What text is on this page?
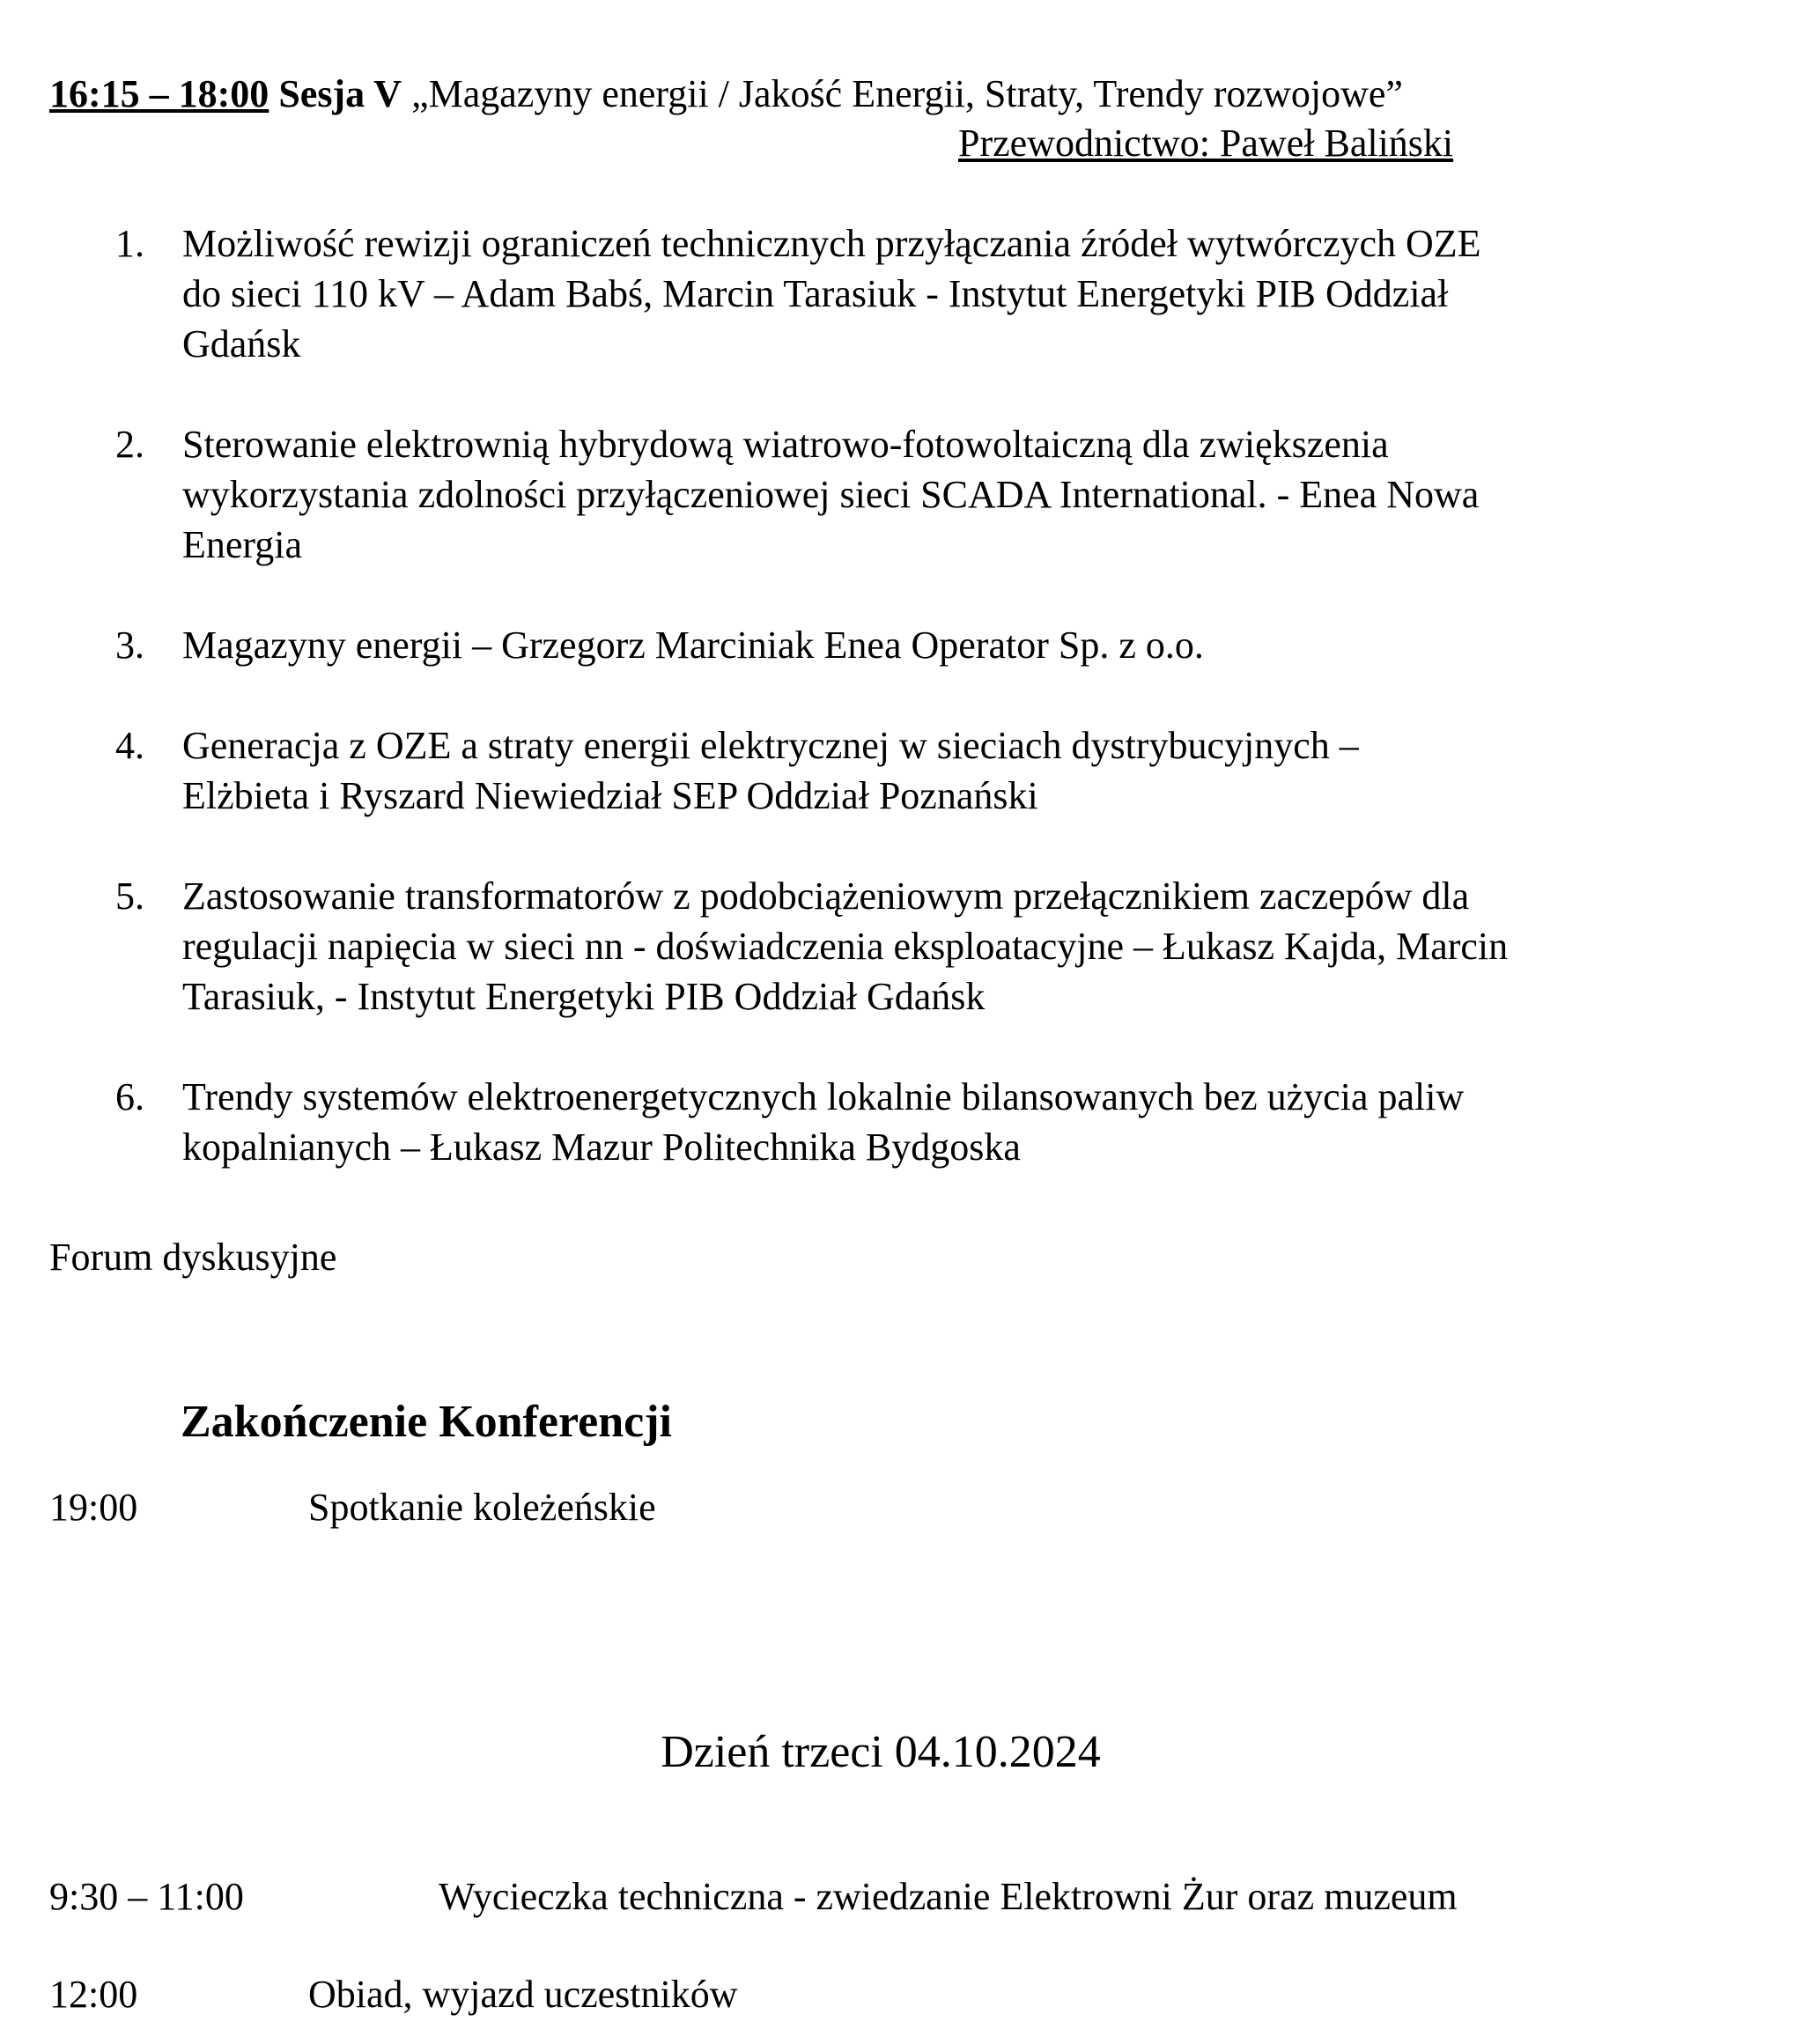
16:15 – 18:00 Sesja V „Magazyny energii / Jakość Energii, Straty, Trendy rozwojowe”
Przewodnictwo: Paweł Baliński
1. Możliwość rewizji ograniczeń technicznych przyłączania źródeł wytwórczych OZE
do sieci 110 kV – Adam Babś, Marcin Tarasiuk - Instytut Energetyki PIB Oddział
Gdańsk
2. Sterowanie elektrownią hybrydową wiatrowo-fotowoltaiczną dla zwiększenia
wykorzystania zdolności przyłączeniowej sieci SCADA International. - Enea Nowa
Energia
3. Magazyny energii – Grzegorz Marciniak Enea Operator Sp. z o.o.
4. Generacja z OZE a straty energii elektrycznej w sieciach dystrybucyjnych –
Elżbieta i Ryszard Niewiedział SEP Oddział Poznański
5. Zastosowanie transformatorów z podobciążeniowym przełącznikiem zaczepów dla
regulacji napięcia w sieci nn - doświadczenia eksploatacyjne – Łukasz Kajda, Marcin
Tarasiuk, - Instytut Energetyki PIB Oddział Gdańsk
6. Trendy systemów elektroenergetycznych lokalnie bilansowanych bez użycia paliw
kopalnianych – Łukasz Mazur Politechnika Bydgoska
Forum dyskusyjne
Zakończenie Konferencji
19:00	Spotkanie koleżeńskie
Dzień trzeci 04.10.2024
9:30 – 11:00	Wycieczka techniczna - zwiedzanie Elektrowni Żur oraz muzeum
12:00	Obiad, wyjazd uczestników
